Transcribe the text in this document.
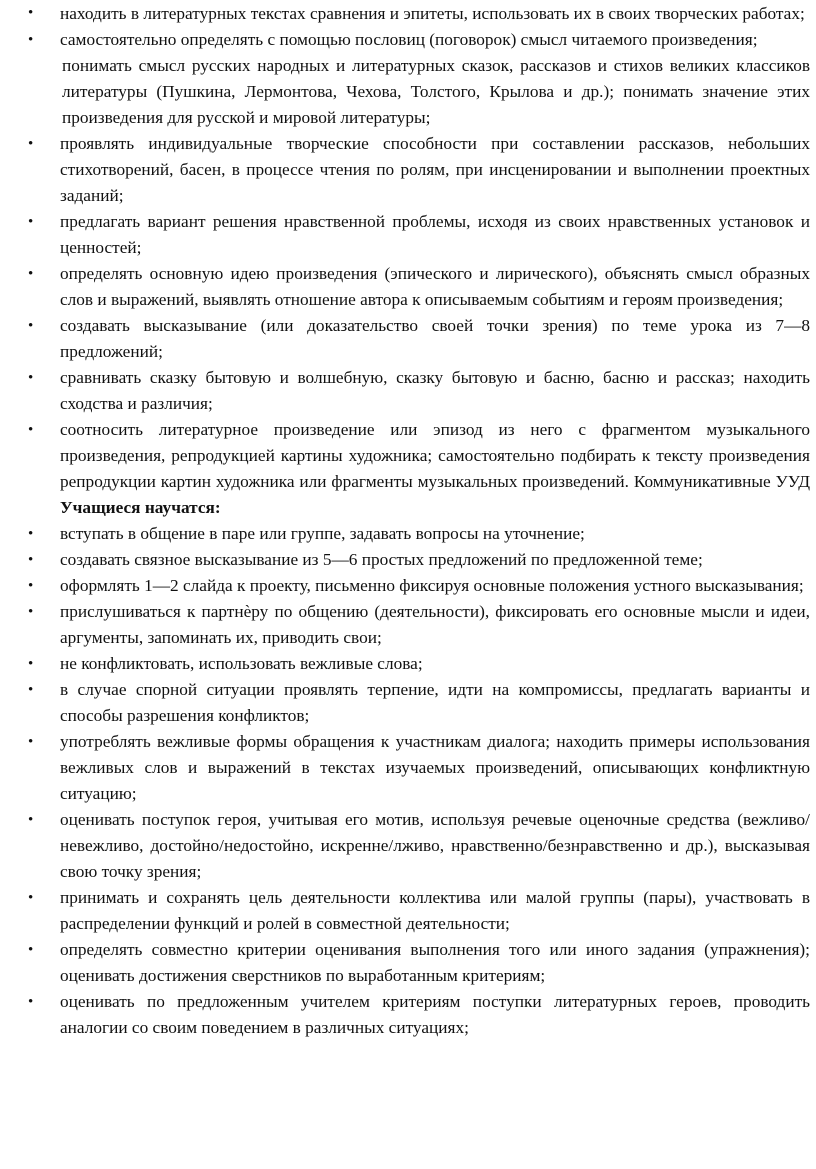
• находить в литературных текстах сравнения и эпитеты, использовать их в своих творческих работах;

• самостоятельно определять с помощью пословиц (поговорок) смысл читаемого произведения;

понимать смысл русских народных и литературных сказок, рассказов и стихов великих классиков литературы (Пушкина, Лермонтова, Чехова, Толстого, Крылова и др.); понимать значение этих произведения для русской и мировой литературы;

• проявлять индивидуальные творческие способности при составлении рассказов, небольших стихотворений, басен, в процессе чтения по ролям, при инсценировании и выполнении проектных заданий;

• предлагать вариант решения нравственной проблемы, исходя из своих нравственных установок и ценностей;

• определять основную идею произведения (эпического и лирического), объяснять смысл образных слов и выражений, выявлять отношение автора к описываемым событиям и героям произведения;

• создавать высказывание (или доказательство своей точки зрения) по теме урока из 7—8 предложений;

• сравнивать сказку бытовую и волшебную, сказку бытовую и басню, басню и рассказ; находить сходства и различия;

• соотносить литературное произведение или эпизод из него с фрагментом музыкального произведения, репродукцией картины художника; самостоятельно подбирать к тексту произведения репродукции картин художника или фрагменты музыкальных произведений. Коммуникативные УУД Учащиеся научатся:

• вступать в общение в паре или группе, задавать вопросы на уточнение;

• создавать связное высказывание из 5—6 простых предложений по предложенной теме;

• оформлять 1—2 слайда к проекту, письменно фиксируя основные положения устного высказывания;

• прислушиваться к партнèру по общению (деятельности), фиксировать его основные мысли и идеи, аргументы, запоминать их, приводить свои;

• не конфликтовать, использовать вежливые слова;

• в случае спорной ситуации проявлять терпение, идти на компромиссы, предлагать варианты и способы разрешения конфликтов;

• употреблять вежливые формы обращения к участникам диалога; находить примеры использования вежливых слов и выражений в текстах изучаемых произведений, описывающих конфликтную ситуацию;

• оценивать поступок героя, учитывая его мотив, используя речевые оценочные средства (вежливо/невежливо, достойно/недостойно, искренне/лживо, нравственно/безнравственно и др.), высказывая свою точку зрения;

• принимать и сохранять цель деятельности коллектива или малой группы (пары), участвовать в распределении функций и ролей в совместной деятельности;

• определять совместно критерии оценивания выполнения того или иного задания (упражнения); оценивать достижения сверстников по выработанным критериям;

• оценивать по предложенным учителем критериям поступки литературных героев, проводить аналогии со своим поведением в различных ситуациях;
